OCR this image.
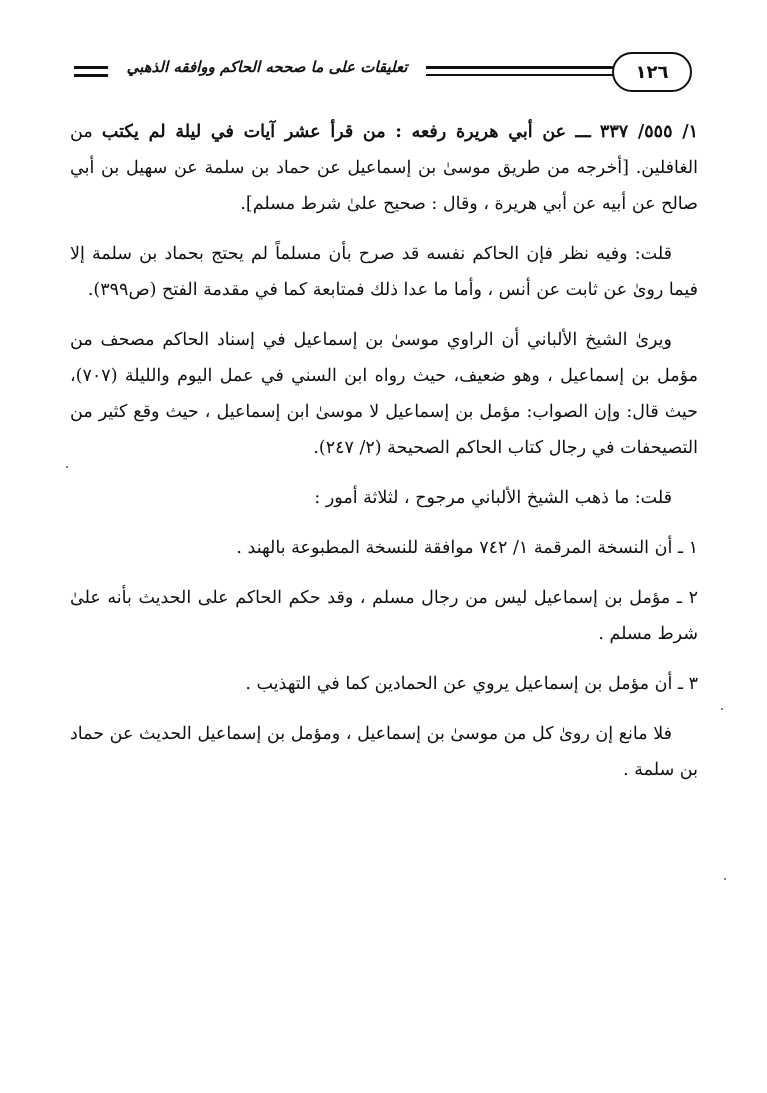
تعليقات على ما صححه الحاكم ووافقه الذهبي	١٢٦

١/ ٥٥٥/ ٣٣٧ ـــ عن أبي هريرة رفعه : من قرأ عشر آيات في ليلة لم يكتب من الغافلين. [أخرجه من طريق موسىٰ بن إسماعيل عن حماد بن سلمة عن سهيل بن أبي صالح عن أبيه عن أبي هريرة ، وقال : صحيح علىٰ شرط مسلم].

قلت: وفيه نظر فإن الحاكم نفسه قد صرح بأن مسلماً لم يحتج بحماد بن سلمة إلا فيما روىٰ عن ثابت عن أنس ، وأما ما عدا ذلك فمتابعة كما في مقدمة الفتح (ص٣٩٩).

ويرىٰ الشيخ الألباني أن الراوي موسىٰ بن إسماعيل في إسناد الحاكم مصحف من مؤمل بن إسماعيل ، وهو ضعيف، حيث رواه ابن السني في عمل اليوم والليلة (٧٠٧)، حيث قال: وإن الصواب: مؤمل بن إسماعيل لا موسىٰ ابن إسماعيل ، حيث وقع كثير من التصيحفات في رجال كتاب الحاكم الصحيحة (٢/ ٢٤٧).

قلت: ما ذهب الشيخ الألباني مرجوح ، لثلاثة أمور :

١ ـ أن النسخة المرقمة ١/ ٧٤٢ موافقة للنسخة المطبوعة بالهند .
٢ ـ مؤمل بن إسماعيل ليس من رجال مسلم ، وقد حكم الحاكم على الحديث بأنه علىٰ شرط مسلم .
٣ ـ أن مؤمل بن إسماعيل يروي عن الحمادين كما في التهذيب .

فلا مانع إن روىٰ كل من موسىٰ بن إسماعيل ، ومؤمل بن إسماعيل الحديث عن حماد بن سلمة .
